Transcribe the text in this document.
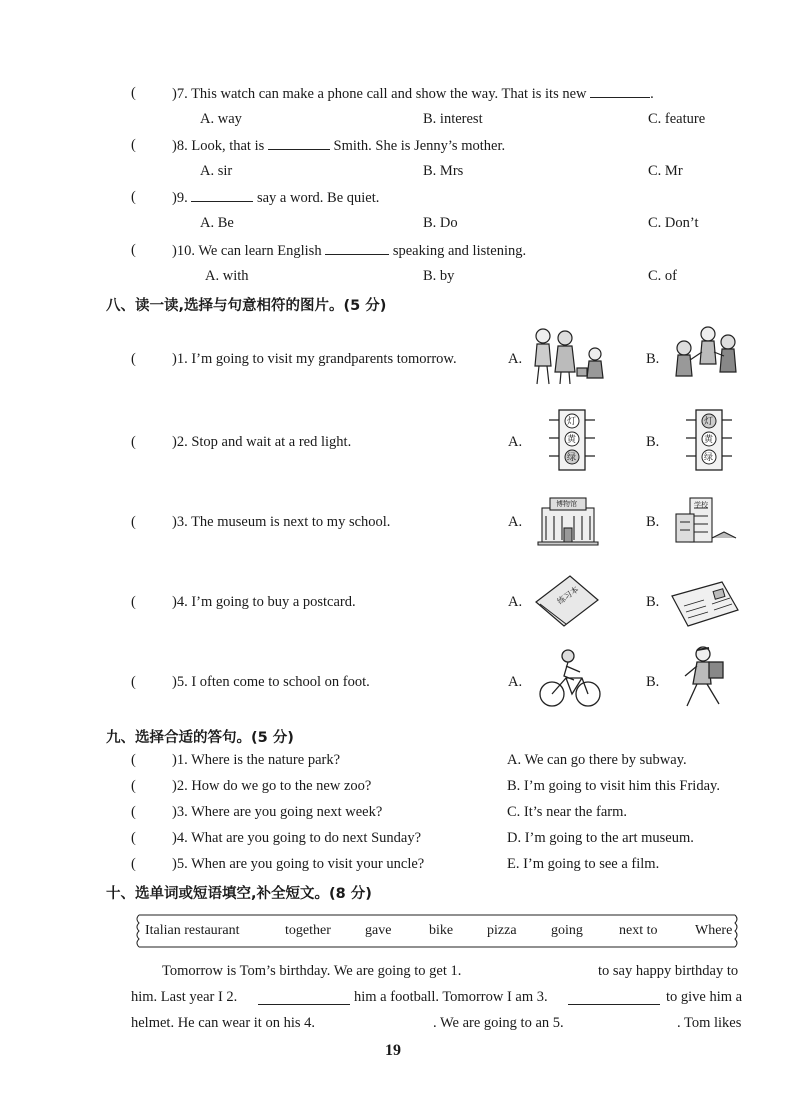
( )7. This watch can make a phone call and show the way. That is its new	.
A. way	B. interest	C. feature
( )8. Look, that is	Smith. She is Jenny’s mother.
A. sir	B. Mrs	C. Mr
( )9.	say a word. Be quiet.
A. Be	B. Do	C. Don’t
( )10. We can learn English	speaking and listening.
A. with	B. by	C. of
八、读一读,选择与句意相符的图片。(5 分)
( )1. I’m going to visit my grandparents tomorrow.	A.	B.
( )2. Stop and wait at a red light.	A.	B.
灯
黄
绿
灯
黄
绿
( )3. The museum is next to my school.	A.	B.
博物馆	学校
( )4. I’m going to buy a postcard.	A.	B.
练习本
( )5. I often come to school on foot.	A.	B.
九、选择合适的答句。(5 分)
( )1. Where is the nature park?	A. We can go there by subway.
( )2. How do we go to the new zoo?	B. I’m going to visit him this Friday.
( )3. Where are you going next week?	C. It’s near the farm.
( )4. What are you going to do next Sunday?	D. I’m going to the art museum.
( )5. When are you going to visit your uncle?	E. I’m going to see a film.
十、选单词或短语填空,补全短文。(8 分)
Italian restaurant	together gave	bike pizza going	next to	Where
Tomorrow is Tom’s birthday. We are going to get 1.	to say happy birthday to
him. Last year I 2.	him a football. Tomorrow I am 3.	to give him a
helmet. He can wear it on his 4.	. We are going to an 5.	. Tom likes
19
